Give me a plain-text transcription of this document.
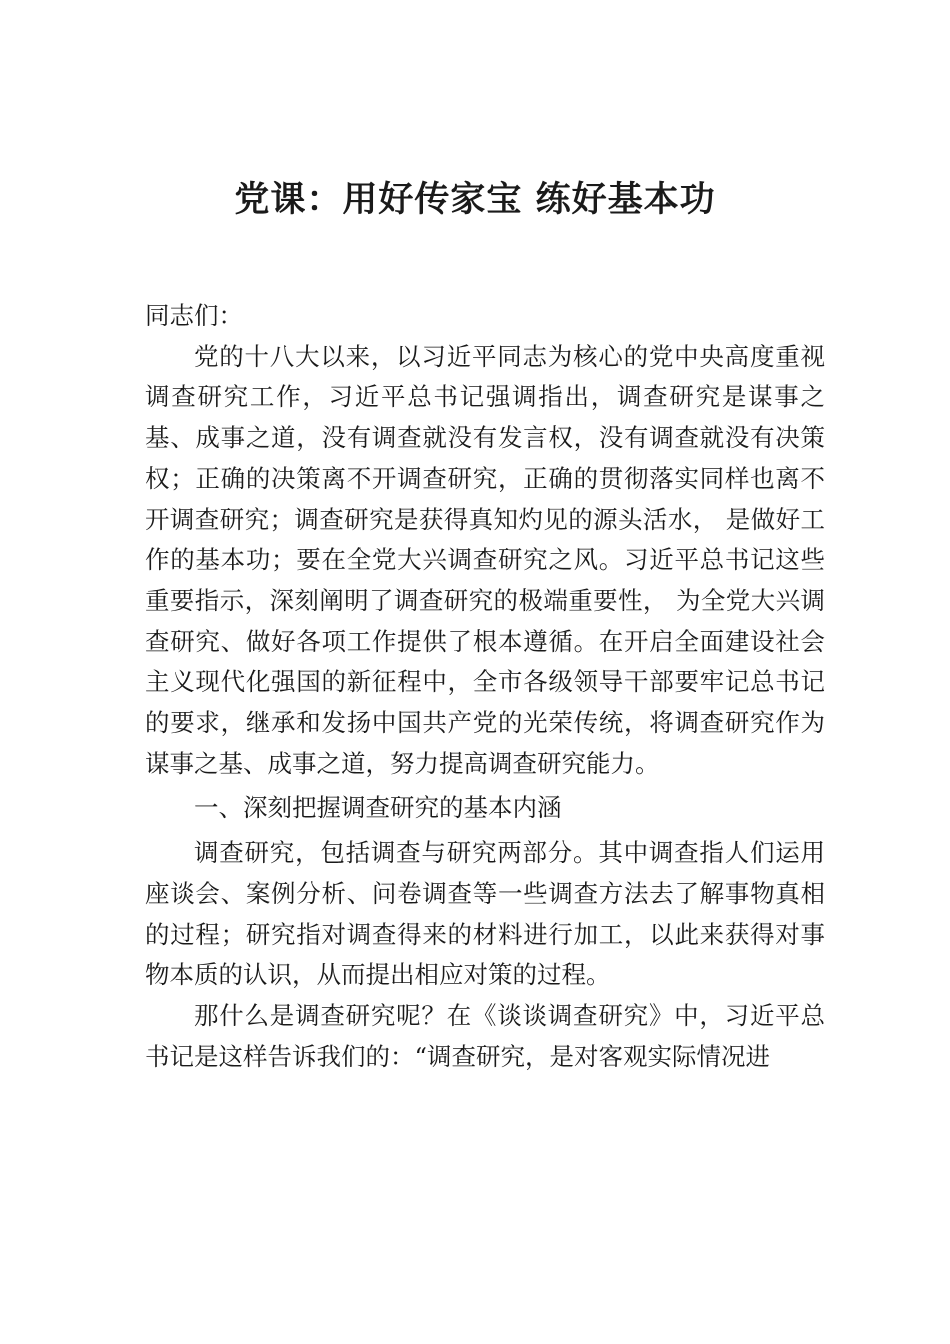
党课：用好传家宝 练好基本功

同志们：

党的十八大以来，以习近平同志为核心的党中央高度重视调查研究工作，习近平总书记强调指出，调查研究是谋事之基、成事之道，没有调查就没有发言权，没有调查就没有决策权；正确的决策离不开调查研究，正确的贯彻落实同样也离不开调查研究；调查研究是获得真知灼见的源头活水， 是做好工作的基本功；要在全党大兴调查研究之风。习近平总书记这些重要指示，深刻阐明了调查研究的极端重要性， 为全党大兴调查研究、做好各项工作提供了根本遵循。在开启全面建设社会主义现代化强国的新征程中，全市各级领导干部要牢记总书记的要求，继承和发扬中国共产党的光荣传统，将调查研究作为谋事之基、成事之道，努力提高调查研究能力。

一、深刻把握调查研究的基本内涵

调查研究，包括调查与研究两部分。其中调查指人们运用座谈会、案例分析、问卷调查等一些调查方法去了解事物真相的过程；研究指对调查得来的材料进行加工，以此来获得对事物本质的认识，从而提出相应对策的过程。

那什么是调查研究呢？在《谈谈调查研究》中，习近平总书记是这样告诉我们的：“调查研究，是对客观实际情况进
